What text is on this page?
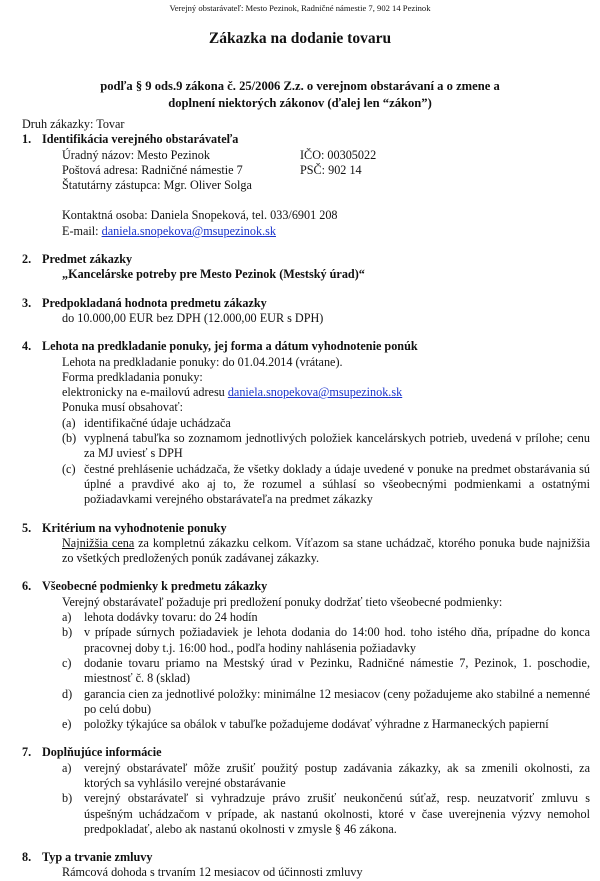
Verejný obstarávateľ: Mesto Pezinok, Radničné námestie 7, 902 14 Pezinok
Zákazka na dodanie tovaru
podľa § 9 ods.9 zákona č. 25/2006 Z.z. o verejnom obstarávaní a o zmene a doplnení niektorých zákonov (ďalej len “zákon”)
Druh zákazky: Tovar
1. Identifikácia verejného obstarávateľa
Úradný názov: Mesto Pezinok	IČO: 00305022
Poštová adresa: Radničné námestie 7	PSČ: 902 14
Štatutárny zástupca: Mgr. Oliver Solga
Kontaktná osoba: Daniela Snopeková, tel. 033/6901 208
E-mail: daniela.snopekova@msupezinok.sk
2. Predmet zákazky
„Kancelárske potreby pre Mesto Pezinok (Mestský úrad)“
3. Predpokladaná hodnota predmetu zákazky
do 10.000,00 EUR bez DPH (12.000,00 EUR s DPH)
4. Lehota na predkladanie ponuky, jej forma a dátum vyhodnotenie ponúk
Lehota na predkladanie ponuky: do 01.04.2014 (vrátane).
Forma predkladania ponuky:
elektronicky na e-mailovú adresu daniela.snopekova@msupezinok.sk
Ponuka musí obsahovať:
(a) identifikačné údaje uchádzača
(b) vyplnená tabuľka so zoznamom jednotlivých položiek kancelárskych potrieb, uvedená v prílohe; cenu za MJ uviesť s DPH
(c) čestné prehlásenie uchádzača, že všetky doklady a údaje uvedené v ponuke na predmet obstarávania sú úplné a pravdivé ako aj to, že rozumel a súhlasí so všeobecnými podmienkami a ostatnými požiadavkami verejného obstarávateľa na predmet zákazky
5. Kritérium na vyhodnotenie ponuky
Najnižšia cena za kompletnú zákazku celkom. Víťazom sa stane uchádzač, ktorého ponuka bude najnižšia zo všetkých predložených ponúk zadávanej zákazky.
6. Všeobecné podmienky k predmetu zákazky
Verejný obstarávateľ požaduje pri predložení ponuky dodržať tieto všeobecné podmienky:
a)	lehota dodávky tovaru: do 24 hodín
b) v prípade súrnych požiadaviek je lehota dodania do 14:00 hod. toho istého dňa, prípadne do konca pracovnej doby t.j. 16:00 hod., podľa hodiny nahlásenia požiadavky
c)	dodanie tovaru priamo na Mestský úrad v Pezinku, Radničné námestie 7, Pezinok, 1. poschodie, miestnosť č. 8 (sklad)
d) garancia cien za jednotlivé položky: minimálne 12 mesiacov (ceny požadujeme ako stabilné a nemenné po celú dobu)
e)	položky týkajúce sa obálok v tabuľke požadujeme dodávať výhradne z Harmaneckých papierní
7. Doplňujúce informácie
a)	verejný obstarávateľ môže zrušiť použitý postup zadávania zákazky, ak sa zmenili okolnosti, za ktorých sa vyhlásilo verejné obstarávanie
b) verejný obstarávateľ si vyhradzuje právo zrušiť neukončenú súťaž, resp. neuzatvoriť zmluvu s úspešným uchádzačom v prípade, ak nastanú okolnosti, ktoré v čase uverejnenia výzvy nemohol predpokladať, alebo ak nastanú okolnosti v zmysle § 46 zákona.
8. Typ a trvanie zmluvy
Rámcová dohoda s trvaním 12 mesiacov od účinnosti zmluvy
